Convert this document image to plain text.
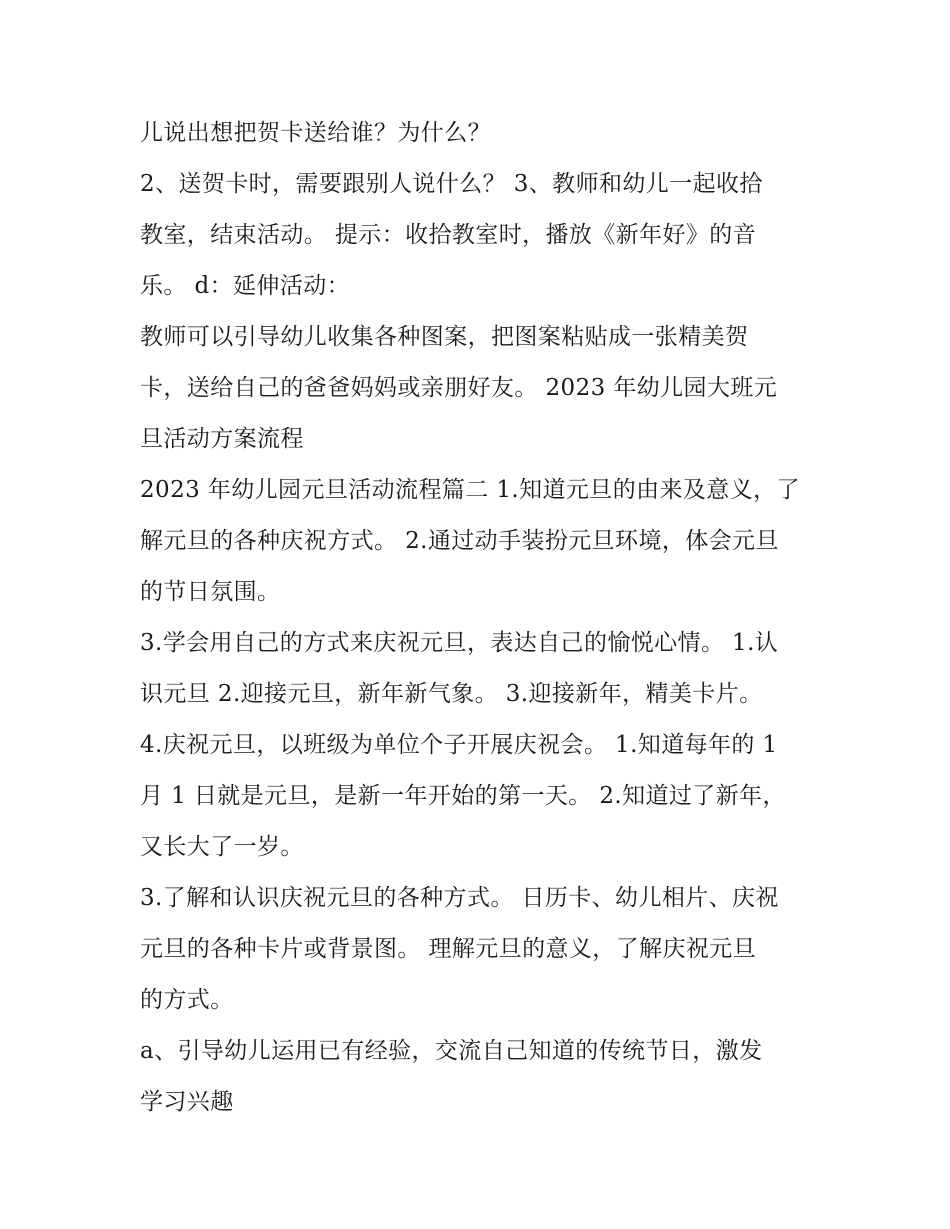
儿说出想把贺卡送给谁？为什么？
2、送贺卡时，需要跟别人说什么？ 3、教师和幼儿一起收拾
教室，结束活动。 提示：收拾教室时，播放《新年好》的音
乐。 d：延伸活动：
教师可以引导幼儿收集各种图案，把图案粘贴成一张精美贺
卡，送给自己的爸爸妈妈或亲朋好友。 2023 年幼儿园大班元
旦活动方案流程
2023 年幼儿园元旦活动流程篇二 1.知道元旦的由来及意义，了
解元旦的各种庆祝方式。 2.通过动手装扮元旦环境，体会元旦
的节日氛围。
3.学会用自己的方式来庆祝元旦，表达自己的愉悦心情。 1.认
识元旦 2.迎接元旦，新年新气象。 3.迎接新年，精美卡片。
4.庆祝元旦，以班级为单位个子开展庆祝会。 1.知道每年的 1
月 1 日就是元旦，是新一年开始的第一天。 2.知道过了新年，
又长大了一岁。
3.了解和认识庆祝元旦的各种方式。 日历卡、幼儿相片、庆祝
元旦的各种卡片或背景图。 理解元旦的意义，了解庆祝元旦
的方式。
a、引导幼儿运用已有经验，交流自己知道的传统节日，激发
学习兴趣
